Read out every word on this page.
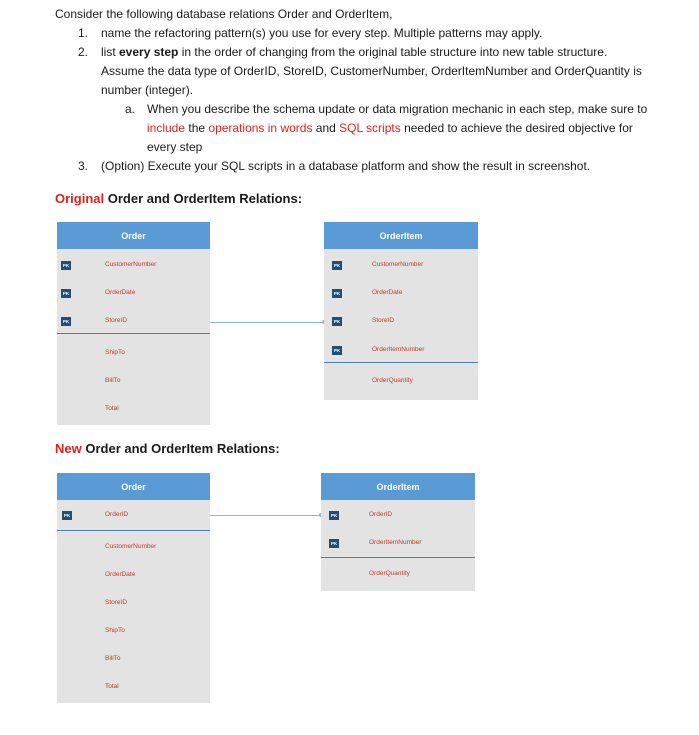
Consider the following database relations Order and OrderItem,
1. name the refactoring pattern(s) you use for every step. Multiple patterns may apply.
2. list every step in the order of changing from the original table structure into new table structure.
Assume the data type of OrderID, StoreID, CustomerNumber, OrderItemNumber and OrderQuantity is
number (integer).
a. When you describe the schema update or data migration mechanic in each step, make sure to
include the operations in words and SQL scripts needed to achieve the desired objective for
every step
3. (Option) Execute your SQL scripts in a database platform and show the result in screenshot.
Original Order and OrderItem Relations:
Order
PK
PK
PK
CustomerNumber
OrderDate
StoreID
ShipTo
BillTo
Total
OrderItem
PK
PK
PK
PK
CustomerNumber
OrderDate
StoreID
OrderItemNumber
OrderQuantity
New Order and OrderItem Relations:
Order
PK	OrderID
CustomerNumber
OrderDate
StoreID
ShipTo
BillTo
Total
OrderItem
PK
PK
OrderID
OrderItemNumber
OrderQuantity
